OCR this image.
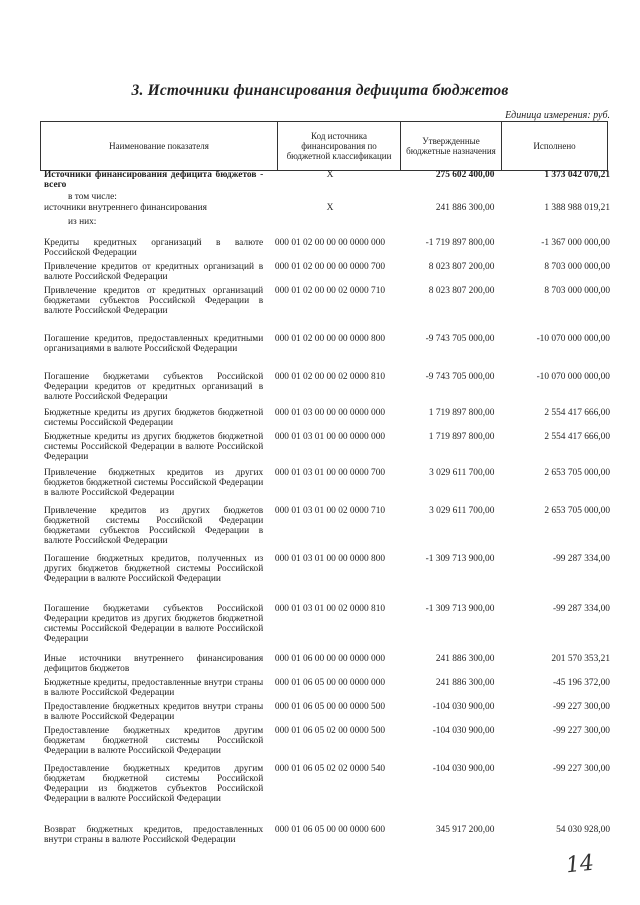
3. Источники финансирования дефицита бюджетов
Единица измерения: руб.
Наименование показателя	Код источника финансирования по бюджетной классификации	Утвержденные бюджетные назначения	Исполнено
Источники финансирования дефицита бюджетов - всего
X	275 602 400,00	1 373 042 070,21
в том числе:
источники внутреннего финансирования	X	241 886 300,00	1 388 988 019,21
из них:
Кредиты кредитных организаций в валюте Российской Федерации
000 01 02 00 00 00 0000 000	-1 719 897 800,00	-1 367 000 000,00
Привлечение кредитов от кредитных организаций в валюте Российской Федерации
000 01 02 00 00 00 0000 700	8 023 807 200,00	8 703 000 000,00
Привлечение кредитов от кредитных организаций бюджетами субъектов Российской Федерации в валюте Российской Федерации
000 01 02 00 00 02 0000 710	8 023 807 200,00	8 703 000 000,00
Погашение кредитов, предоставленных кредитными организациями в валюте Российской Федерации
000 01 02 00 00 00 0000 800	-9 743 705 000,00	-10 070 000 000,00
Погашение бюджетами субъектов Российской Федерации кредитов от кредитных организаций в валюте Российской Федерации
000 01 02 00 00 02 0000 810	-9 743 705 000,00	-10 070 000 000,00
Бюджетные кредиты из других бюджетов бюджетной системы Российской Федерации
000 01 03 00 00 00 0000 000	1 719 897 800,00	2 554 417 666,00
Бюджетные кредиты из других бюджетов бюджетной системы Российской Федерации в валюте Российской Федерации
000 01 03 01 00 00 0000 000	1 719 897 800,00	2 554 417 666,00
Привлечение бюджетных кредитов из других бюджетов бюджетной системы Российской Федерации в валюте Российской Федерации
000 01 03 01 00 00 0000 700	3 029 611 700,00	2 653 705 000,00
Привлечение кредитов из других бюджетов бюджетной системы Российской Федерации бюджетами субъектов Российской Федерации в валюте Российской Федерации
000 01 03 01 00 02 0000 710	3 029 611 700,00	2 653 705 000,00
Погашение бюджетных кредитов, полученных из других бюджетов бюджетной системы Российской Федерации в валюте Российской Федерации
000 01 03 01 00 00 0000 800	-1 309 713 900,00	-99 287 334,00
Погашение бюджетами субъектов Российской Федерации кредитов из других бюджетов бюджетной системы Российской Федерации в валюте Российской Федерации
000 01 03 01 00 02 0000 810	-1 309 713 900,00	-99 287 334,00
Иные источники внутреннего финансирования дефицитов бюджетов
000 01 06 00 00 00 0000 000	241 886 300,00	201 570 353,21
Бюджетные кредиты, предоставленные внутри страны в валюте Российской Федерации
000 01 06 05 00 00 0000 000	241 886 300,00	-45 196 372,00
Предоставление бюджетных кредитов внутри страны в валюте Российской Федерации
000 01 06 05 00 00 0000 500	-104 030 900,00	-99 227 300,00
Предоставление бюджетных кредитов другим бюджетам бюджетной системы Российской Федерации в валюте Российской Федерации
000 01 06 05 02 00 0000 500	-104 030 900,00	-99 227 300,00
Предоставление бюджетных кредитов другим бюджетам бюджетной системы Российской Федерации из бюджетов субъектов Российской Федерации в валюте Российской Федерации
000 01 06 05 02 02 0000 540	-104 030 900,00	-99 227 300,00
Возврат бюджетных кредитов, предоставленных внутри страны в валюте Российской Федерации
000 01 06 05 00 00 0000 600	345 917 200,00	54 030 928,00
14
